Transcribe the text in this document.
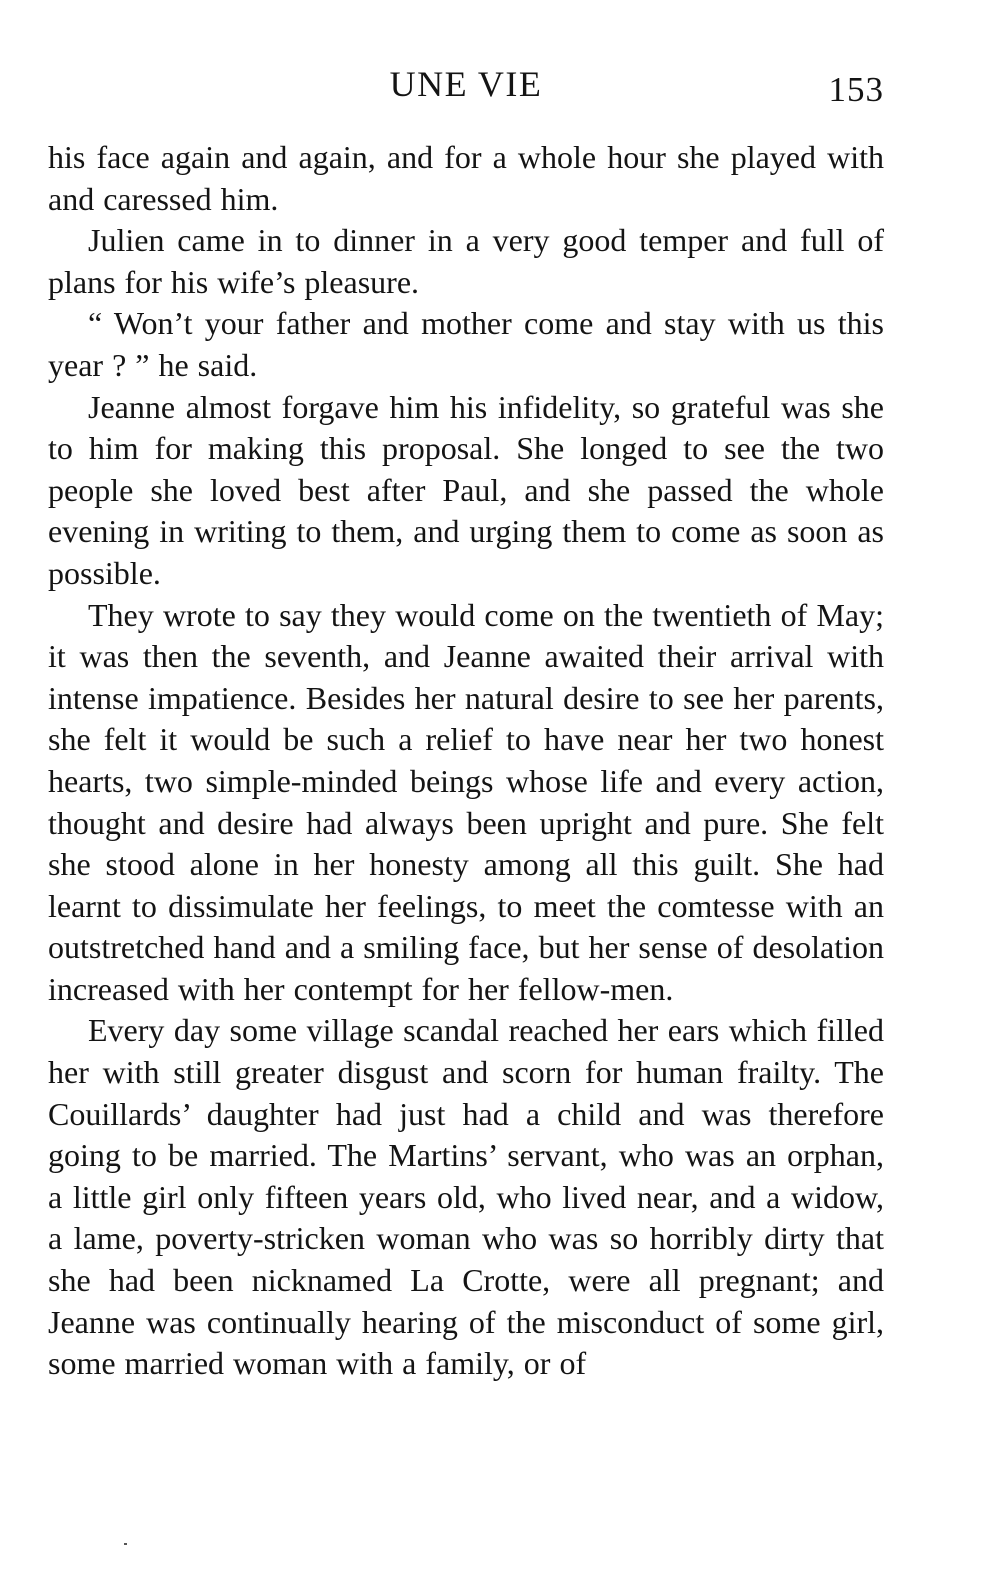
UNE VIE	153

his face again and again, and for a whole hour she played with and caressed him.

Julien came in to dinner in a very good temper and full of plans for his wife’s pleasure.

“ Won’t your father and mother come and stay with us this year ? ” he said.

Jeanne almost forgave him his infidelity, so grateful was she to him for making this proposal. She longed to see the two people she loved best after Paul, and she passed the whole evening in writing to them, and urging them to come as soon as possible.

They wrote to say they would come on the twentieth of May; it was then the seventh, and Jeanne awaited their arrival with intense impatience. Besides her natural desire to see her parents, she felt it would be such a relief to have near her two honest hearts, two simple-minded beings whose life and every action, thought and desire had always been upright and pure. She felt she stood alone in her honesty among all this guilt. She had learnt to dissimulate her feelings, to meet the comtesse with an outstretched hand and a smiling face, but her sense of desolation increased with her contempt for her fellow-men.

Every day some village scandal reached her ears which filled her with still greater disgust and scorn for human frailty. The Couillards’ daughter had just had a child and was therefore going to be married. The Martins’ servant, who was an orphan, a little girl only fifteen years old, who lived near, and a widow, a lame, poverty-stricken woman who was so horribly dirty that she had been nicknamed La Crotte, were all pregnant; and Jeanne was continually hearing of the misconduct of some girl, some married woman with a family, or of
